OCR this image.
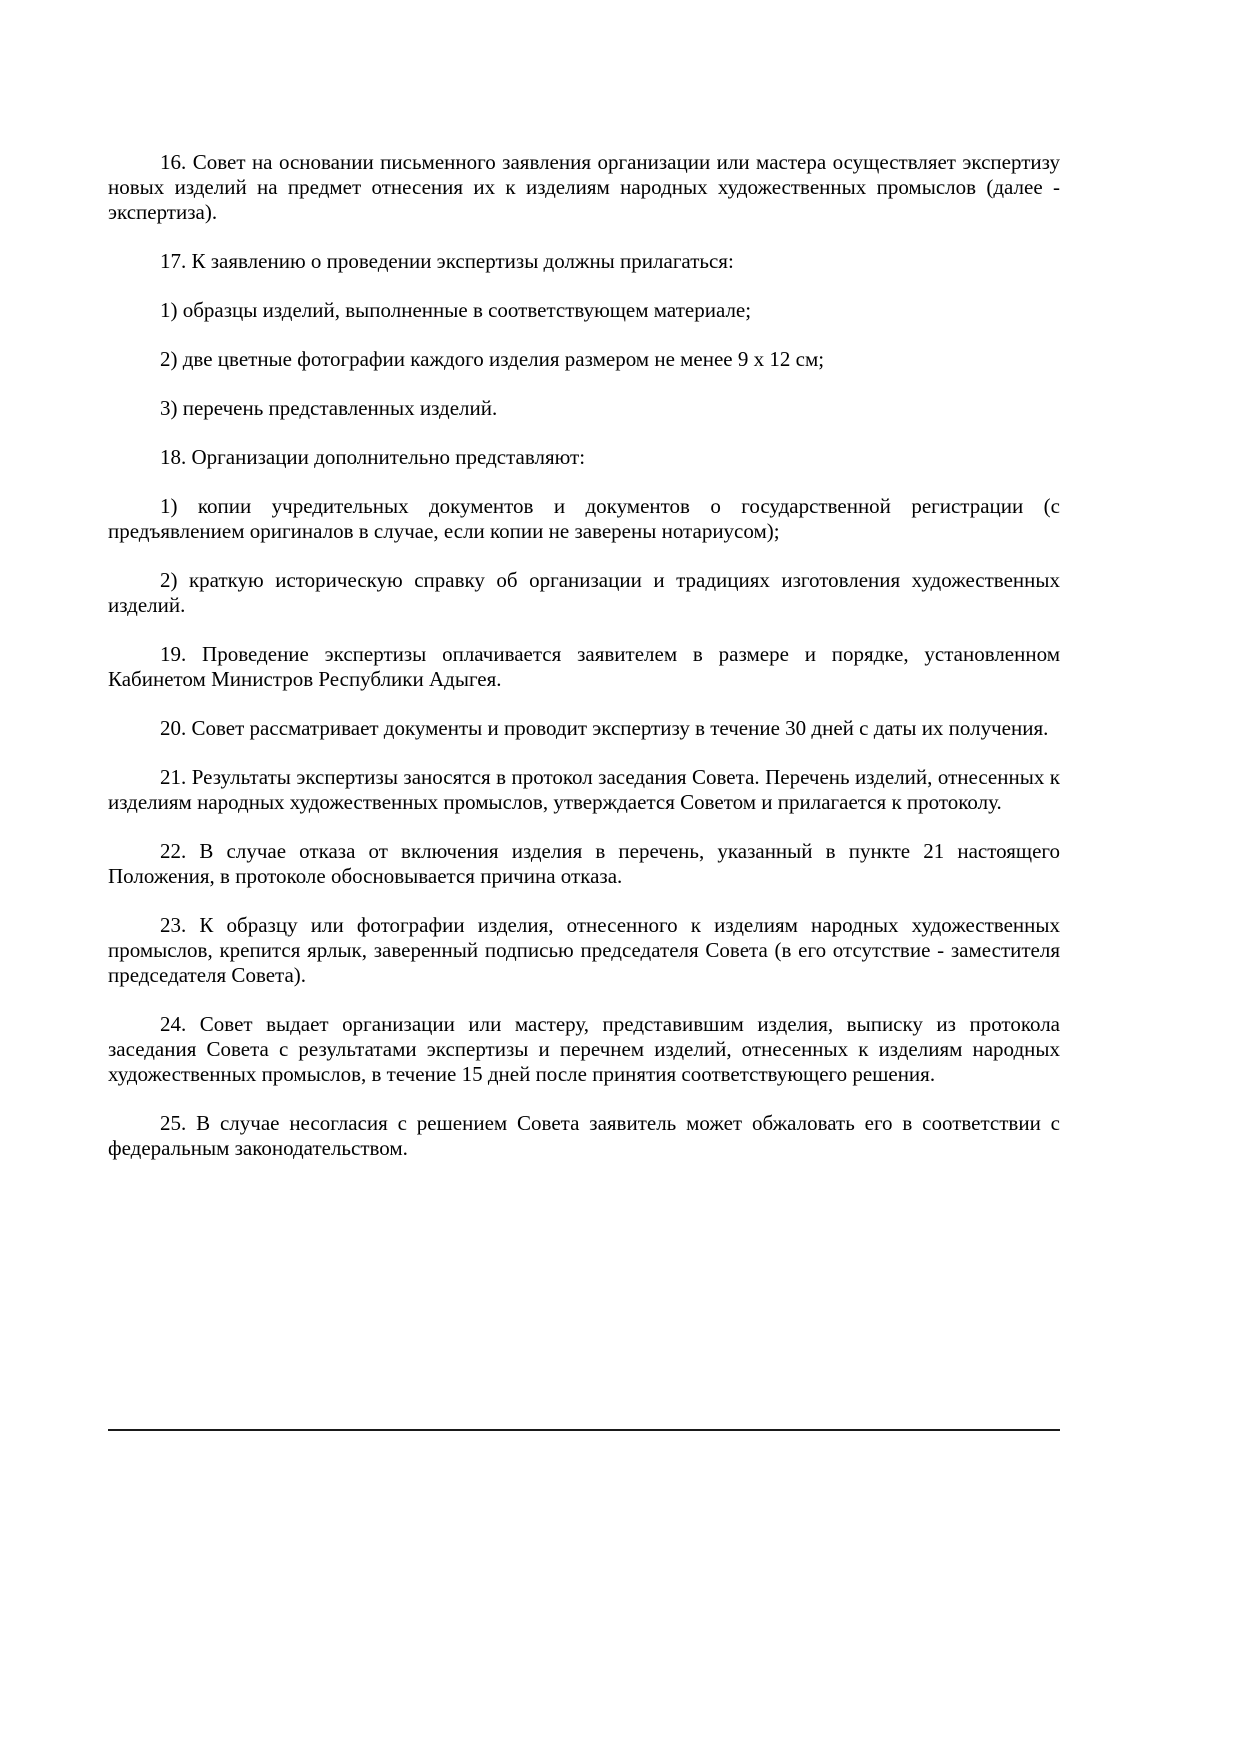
16. Совет на основании письменного заявления организации или мастера осуществляет экспертизу новых изделий на предмет отнесения их к изделиям народных художественных промыслов (далее - экспертиза).

17. К заявлению о проведении экспертизы должны прилагаться:

1) образцы изделий, выполненные в соответствующем материале;

2) две цветные фотографии каждого изделия размером не менее 9 х 12 см;

3) перечень представленных изделий.

18. Организации дополнительно представляют:

1) копии учредительных документов и документов о государственной регистрации (с предъявлением оригиналов в случае, если копии не заверены нотариусом);

2) краткую историческую справку об организации и традициях изготовления художественных изделий.

19. Проведение экспертизы оплачивается заявителем в размере и порядке, установленном Кабинетом Министров Республики Адыгея.

20. Совет рассматривает документы и проводит экспертизу в течение 30 дней с даты их получения.

21. Результаты экспертизы заносятся в протокол заседания Совета. Перечень изделий, отнесенных к изделиям народных художественных промыслов, утверждается Советом и прилагается к протоколу.

22. В случае отказа от включения изделия в перечень, указанный в пункте 21 настоящего Положения, в протоколе обосновывается причина отказа.

23. К образцу или фотографии изделия, отнесенного к изделиям народных художественных промыслов, крепится ярлык, заверенный подписью председателя Совета (в его отсутствие - заместителя председателя Совета).

24. Совет выдает организации или мастеру, представившим изделия, выписку из протокола заседания Совета с результатами экспертизы и перечнем изделий, отнесенных к изделиям народных художественных промыслов, в течение 15 дней после принятия соответствующего решения.

25. В случае несогласия с решением Совета заявитель может обжаловать его в соответствии с федеральным законодательством.
